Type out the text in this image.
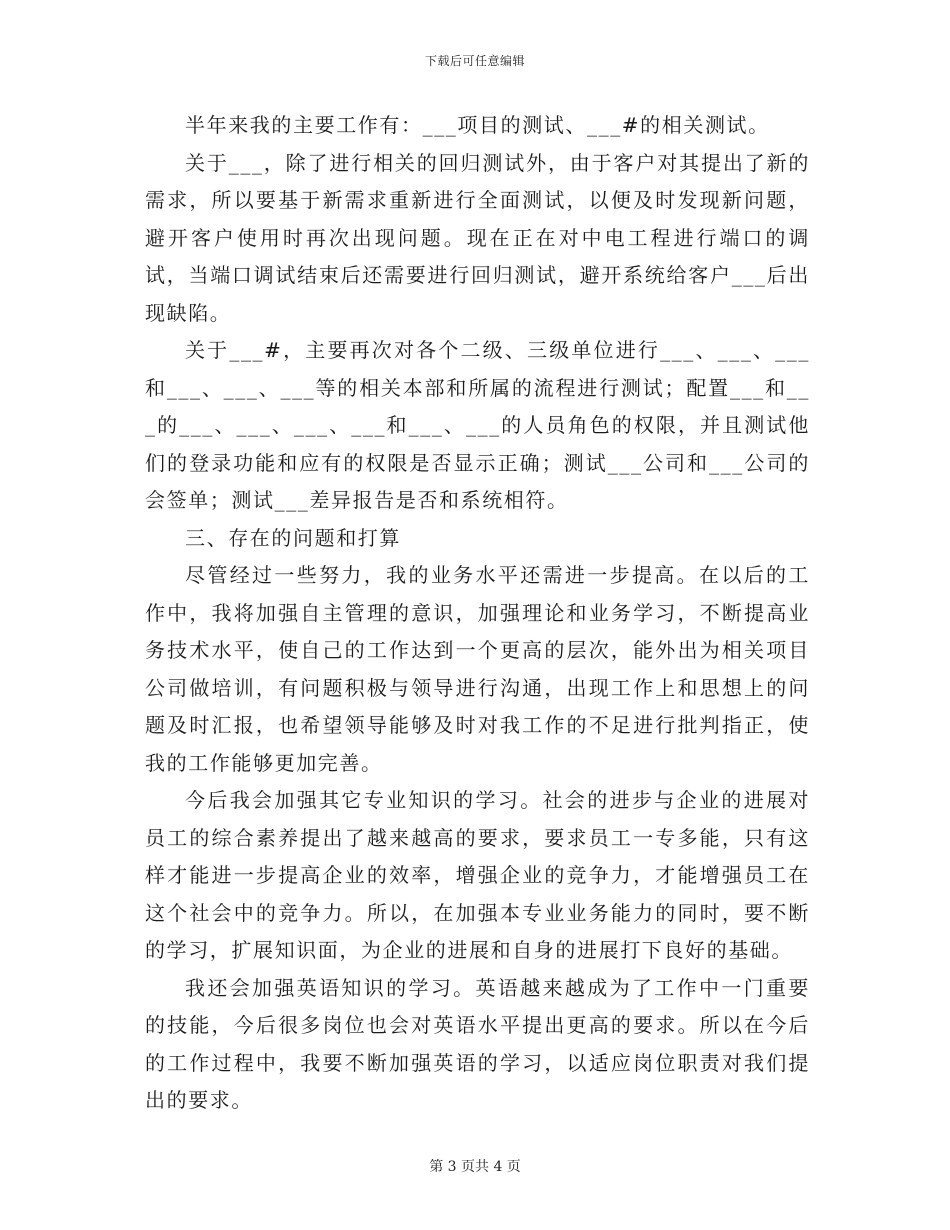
下载后可任意编辑

半年来我的主要工作有：___项目的测试、___#的相关测试。

关于___，除了进行相关的回归测试外，由于客户对其提出了新的需求，所以要基于新需求重新进行全面测试，以便及时发现新问题，避开客户使用时再次出现问题。现在正在对中电工程进行端口的调试，当端口调试结束后还需要进行回归测试，避开系统给客户___后出现缺陷。

关于___#，主要再次对各个二级、三级单位进行___、___、___和___、___、___等的相关本部和所属的流程进行测试；配置___和___的___、___、___、___和___、___的人员角色的权限，并且测试他们的登录功能和应有的权限是否显示正确；测试___公司和___公司的会签单；测试___差异报告是否和系统相符。

三、存在的问题和打算

尽管经过一些努力，我的业务水平还需进一步提高。在以后的工作中，我将加强自主管理的意识，加强理论和业务学习，不断提高业务技术水平，使自己的工作达到一个更高的层次，能外出为相关项目公司做培训，有问题积极与领导进行沟通，出现工作上和思想上的问题及时汇报，也希望领导能够及时对我工作的不足进行批判指正，使我的工作能够更加完善。

今后我会加强其它专业知识的学习。社会的进步与企业的进展对员工的综合素养提出了越来越高的要求，要求员工一专多能，只有这样才能进一步提高企业的效率，增强企业的竞争力，才能增强员工在这个社会中的竞争力。所以，在加强本专业业务能力的同时，要不断的学习，扩展知识面，为企业的进展和自身的进展打下良好的基础。

我还会加强英语知识的学习。英语越来越成为了工作中一门重要的技能，今后很多岗位也会对英语水平提出更高的要求。所以在今后的工作过程中，我要不断加强英语的学习，以适应岗位职责对我们提出的要求。

第 3 页共 4 页
